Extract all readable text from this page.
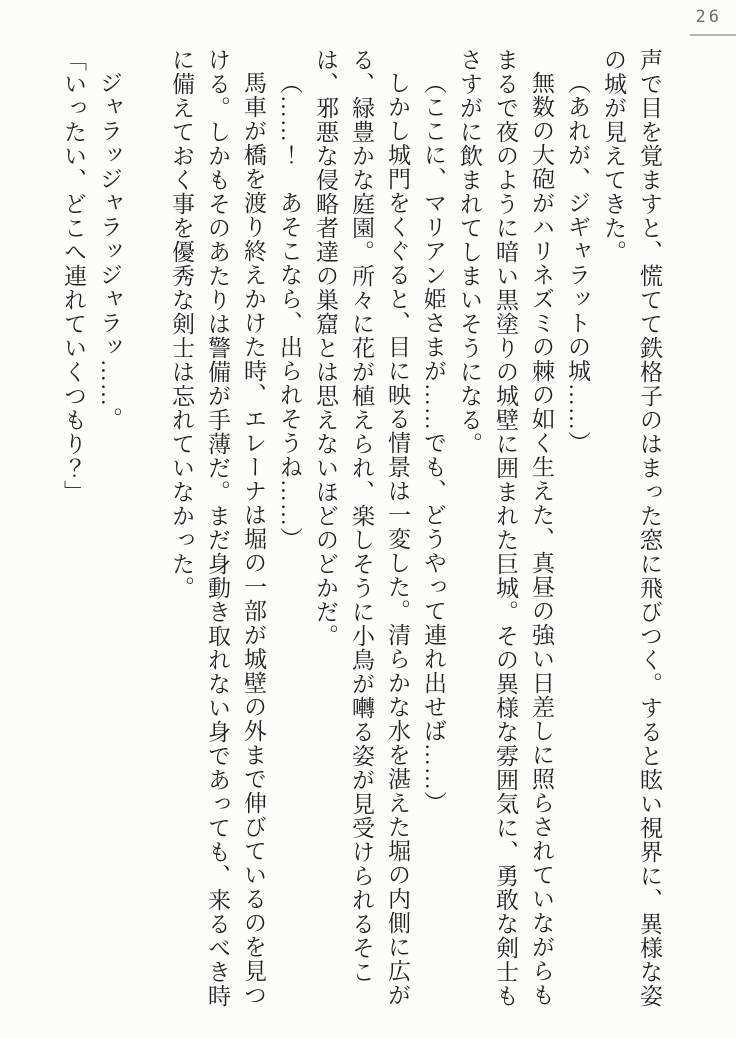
26

声で目を覚ますと、慌てて鉄格子のはまった窓に飛びつく。すると眩い視界に、異様な姿の城が見えてきた。

（あれが、ジギャラットの城……）

無数の大砲がハリネズミの棘の如く生えた、真昼の強い日差しに照らされていながらもまるで夜のように暗い黒塗りの城壁に囲まれた巨城。その異様な雰囲気に、勇敢な剣士もさすがに飲まれてしまいそうになる。

（ここに、マリアン姫さまが……でも、どうやって連れ出せば……）

しかし城門をくぐると、目に映る情景は一変した。清らかな水を湛えた堀の内側に広がる、緑豊かな庭園。所々に花が植えられ、楽しそうに小鳥が囀る姿が見受けられるそこは、邪悪な侵略者達の巣窟とは思えないほどのどかだ。

（……！　あそこなら、出られそうね……）

馬車が橋を渡り終えかけた時、エレーナは堀の一部が城壁の外まで伸びているのを見つける。しかもそのあたりは警備が手薄だ。まだ身動き取れない身であっても、来るべき時に備えておく事を優秀な剣士は忘れていなかった。

ジャラッジャラッジャラッ……。

「いったい、どこへ連れていくつもり？」
